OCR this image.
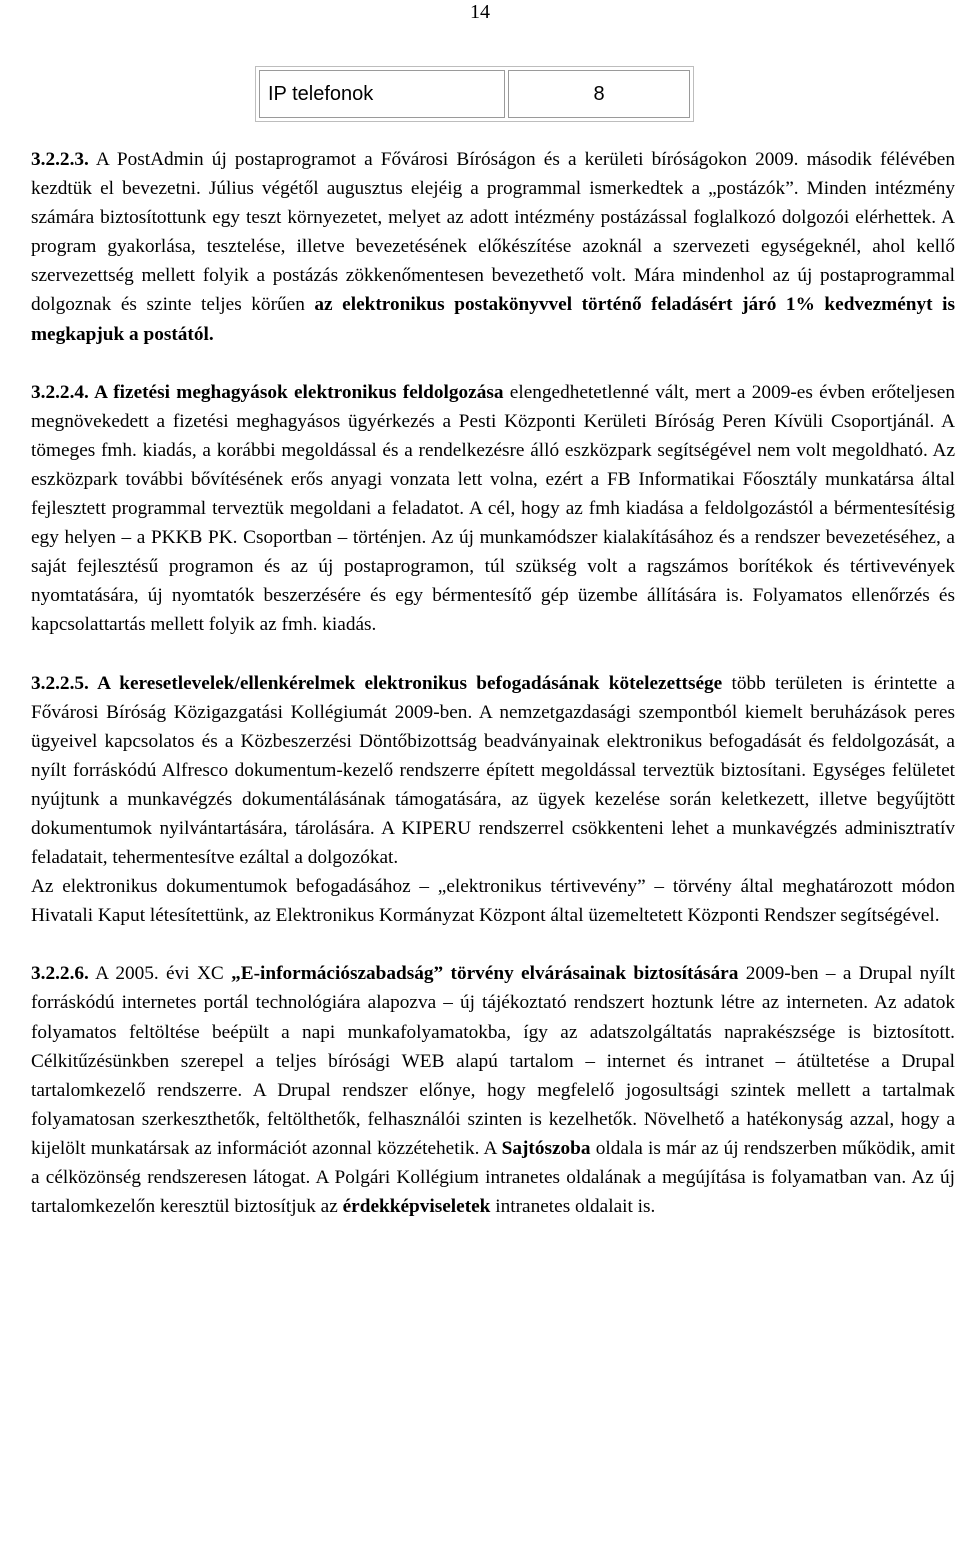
14
IP telefonok	8

3.2.2.3. A PostAdmin új postaprogramot a Fővárosi Bíróságon és a kerületi bíróságokon 2009. második félévében kezdtük el bevezetni. Július végétől augusztus elejéig a programmal ismerkedtek a „postázók”. Minden intézmény számára biztosítottunk egy teszt környezetet, melyet az adott intézmény postázással foglalkozó dolgozói elérhettek. A program gyakorlása, tesztelése, illetve bevezetésének előkészítése azoknál a szervezeti egységeknél, ahol kellő szervezettség mellett folyik a postázás zökkenőmentesen bevezethető volt. Mára mindenhol az új postaprogrammal dolgoznak és szinte teljes körűen az elektronikus postakönyvvel történő feladásért járó 1% kedvezményt is megkapjuk a postától.

3.2.2.4. A fizetési meghagyások elektronikus feldolgozása elengedhetetlenné vált, mert a 2009-es évben erőteljesen megnövekedett a fizetési meghagyásos ügyérkezés a Pesti Központi Kerületi Bíróság Peren Kívüli Csoportjánál. A tömeges fmh. kiadás, a korábbi megoldással és a rendelkezésre álló eszközpark segítségével nem volt megoldható. Az eszközpark további bővítésének erős anyagi vonzata lett volna, ezért a FB Informatikai Főosztály munkatársa által fejlesztett programmal terveztük megoldani a feladatot. A cél, hogy az fmh kiadása a feldolgozástól a bérmentesítésig egy helyen – a PKKB PK. Csoportban – történjen. Az új munkamódszer kialakításához és a rendszer bevezetéséhez, a saját fejlesztésű programon és az új postaprogramon, túl szükség volt a ragszámos borítékok és tértivevények nyomtatására, új nyomtatók beszerzésére és egy bérmentesítő gép üzembe állítására is. Folyamatos ellenőrzés és kapcsolattartás mellett folyik az fmh. kiadás.

3.2.2.5. A keresetlevelek/ellenkérelmek elektronikus befogadásának kötelezettsége több területen is érintette a Fővárosi Bíróság Közigazgatási Kollégiumát 2009-ben. A nemzetgazdasági szempontból kiemelt beruházások peres ügyeivel kapcsolatos és a Közbeszerzési Döntőbizottság beadványainak elektronikus befogadását és feldolgozását, a nyílt forráskódú Alfresco dokumentum-kezelő rendszerre épített megoldással terveztük biztosítani. Egységes felületet nyújtunk a munkavégzés dokumentálásának támogatására, az ügyek kezelése során keletkezett, illetve begyűjtött dokumentumok nyilvántartására, tárolására. A KIPERU rendszerrel csökkenteni lehet a munkavégzés adminisztratív feladatait, tehermentesítve ezáltal a dolgozókat.

Az elektronikus dokumentumok befogadásához – „elektronikus tértivevény” – törvény által meghatározott módon Hivatali Kaput létesítettünk, az Elektronikus Kormányzat Központ által üzemeltetett Központi Rendszer segítségével.

3.2.2.6. A 2005. évi XC „E-információszabadság” törvény elvárásainak biztosítására 2009-ben – a Drupal nyílt forráskódú internetes portál technológiára alapozva – új tájékoztató rendszert hoztunk létre az interneten. Az adatok folyamatos feltöltése beépült a napi munkafolyamatokba, így az adatszolgáltatás naprakészsége is biztosított. Célkitűzésünkben szerepel a teljes bírósági WEB alapú tartalom – internet és intranet – átültetése a Drupal tartalomkezelő rendszerre. A Drupal rendszer előnye, hogy megfelelő jogosultsági szintek mellett a tartalmak folyamatosan szerkeszthetők, feltölthetők, felhasználói szinten is kezelhetők. Növelhető a hatékonyság azzal, hogy a kijelölt munkatársak az információt azonnal közzétehetik. A Sajtószoba oldala is már az új rendszerben működik, amit a célközönség rendszeresen látogat. A Polgári Kollégium intranetes oldalának a megújítása is folyamatban van. Az új tartalomkezelőn keresztül biztosítjuk az érdekképviseletek intranetes oldalait is.
